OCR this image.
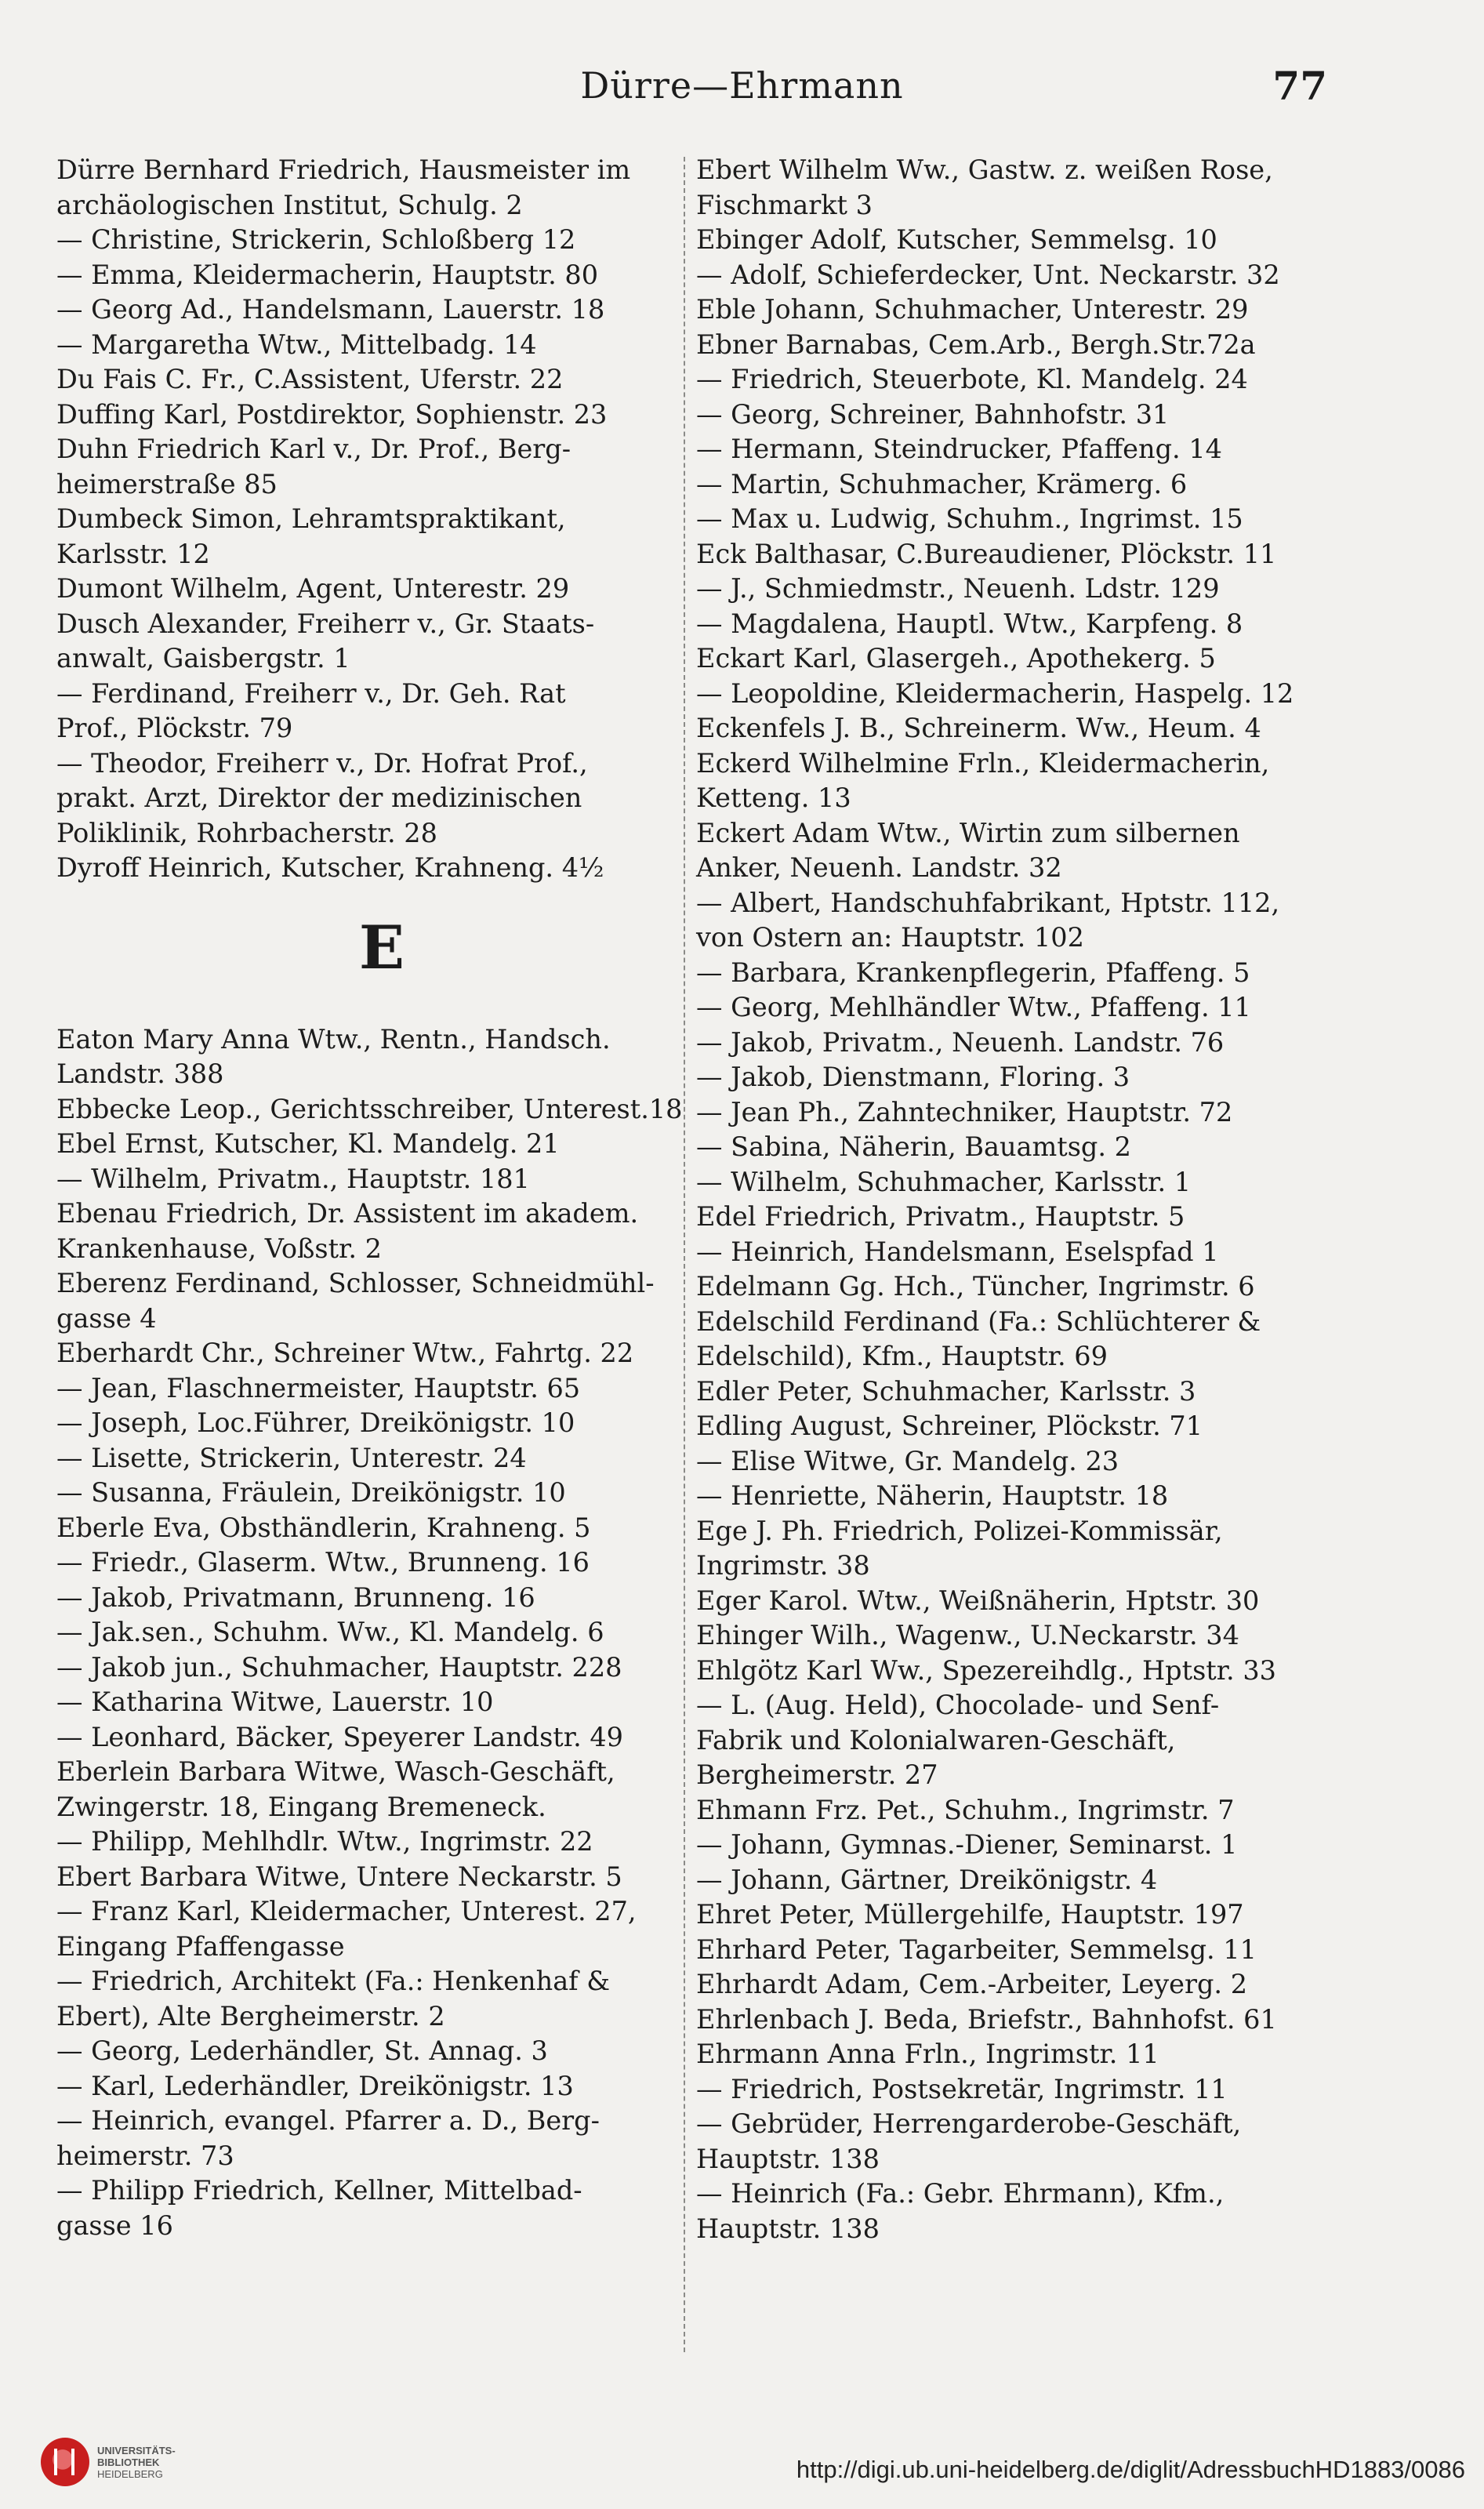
Dürre—Ehrmann	77

Dürre Bernhard Friedrich, Hausmeister im

archäologischen Institut, Schulg. 2

— Christine, Strickerin, Schloßberg 12

— Emma, Kleidermacherin, Hauptstr. 80

— Georg Ad., Handelsmann, Lauerstr. 18

— Margaretha Wtw., Mittelbadg. 14

Du Fais C. Fr., C.Assistent, Uferstr. 22

Duffing Karl, Postdirektor, Sophienstr. 23

Duhn Friedrich Karl v., Dr. Prof., Berg-

heimerstraße 85

Dumbeck Simon, Lehramtspraktikant,

Karlsstr. 12

Dumont Wilhelm, Agent, Unterestr. 29

Dusch Alexander, Freiherr v., Gr. Staats-

anwalt, Gaisbergstr. 1

— Ferdinand, Freiherr v., Dr. Geh. Rat

Prof., Plöckstr. 79

— Theodor, Freiherr v., Dr. Hofrat Prof.,

prakt. Arzt, Direktor der medizinischen

Poliklinik, Rohrbacherstr. 28

Dyroff Heinrich, Kutscher, Krahneng. 4½

E

Eaton Mary Anna Wtw., Rentn., Handsch.

Landstr. 388

Ebbecke Leop., Gerichtsschreiber, Unterest.18

Ebel Ernst, Kutscher, Kl. Mandelg. 21

— Wilhelm, Privatm., Hauptstr. 181

Ebenau Friedrich, Dr. Assistent im akadem.

Krankenhause, Voßstr. 2

Eberenz Ferdinand, Schlosser, Schneidmühl-

gasse 4

Eberhardt Chr., Schreiner Wtw., Fahrtg. 22

— Jean, Flaschnermeister, Hauptstr. 65

— Joseph, Loc.Führer, Dreikönigstr. 10

— Lisette, Strickerin, Unterestr. 24

— Susanna, Fräulein, Dreikönigstr. 10

Eberle Eva, Obsthändlerin, Krahneng. 5

— Friedr., Glaserm. Wtw., Brunneng. 16

— Jakob, Privatmann, Brunneng. 16

— Jak.sen., Schuhm. Ww., Kl. Mandelg. 6

— Jakob jun., Schuhmacher, Hauptstr. 228

— Katharina Witwe, Lauerstr. 10

— Leonhard, Bäcker, Speyerer Landstr. 49

Eberlein Barbara Witwe, Wasch-Geschäft,

Zwingerstr. 18, Eingang Bremeneck.

— Philipp, Mehlhdlr. Wtw., Ingrimstr. 22

Ebert Barbara Witwe, Untere Neckarstr. 5

— Franz Karl, Kleidermacher, Unterest. 27,

Eingang Pfaffengasse

— Friedrich, Architekt (Fa.: Henkenhaf &

Ebert), Alte Bergheimerstr. 2

— Georg, Lederhändler, St. Annag. 3

— Karl, Lederhändler, Dreikönigstr. 13

— Heinrich, evangel. Pfarrer a. D., Berg-

heimerstr. 73

— Philipp Friedrich, Kellner, Mittelbad-

gasse 16

Ebert Wilhelm Ww., Gastw. z. weißen Rose,

Fischmarkt 3

Ebinger Adolf, Kutscher, Semmelsg. 10

— Adolf, Schieferdecker, Unt. Neckarstr. 32

Eble Johann, Schuhmacher, Unterestr. 29

Ebner Barnabas, Cem.Arb., Bergh.Str.72a

— Friedrich, Steuerbote, Kl. Mandelg. 24

— Georg, Schreiner, Bahnhofstr. 31

— Hermann, Steindrucker, Pfaffeng. 14

— Martin, Schuhmacher, Krämerg. 6

— Max u. Ludwig, Schuhm., Ingrimst. 15

Eck Balthasar, C.Bureaudiener, Plöckstr. 11

— J., Schmiedmstr., Neuenh. Ldstr. 129

— Magdalena, Hauptl. Wtw., Karpfeng. 8

Eckart Karl, Glasergeh., Apothekerg. 5

— Leopoldine, Kleidermacherin, Haspelg. 12

Eckenfels J. B., Schreinerm. Ww., Heum. 4

Eckerd Wilhelmine Frln., Kleidermacherin,

Ketteng. 13

Eckert Adam Wtw., Wirtin zum silbernen

Anker, Neuenh. Landstr. 32

— Albert, Handschuhfabrikant, Hptstr. 112,

von Ostern an: Hauptstr. 102

— Barbara, Krankenpflegerin, Pfaffeng. 5

— Georg, Mehlhändler Wtw., Pfaffeng. 11

— Jakob, Privatm., Neuenh. Landstr. 76

— Jakob, Dienstmann, Floring. 3

— Jean Ph., Zahntechniker, Hauptstr. 72

— Sabina, Näherin, Bauamtsg. 2

— Wilhelm, Schuhmacher, Karlsstr. 1

Edel Friedrich, Privatm., Hauptstr. 5

— Heinrich, Handelsmann, Eselspfad 1

Edelmann Gg. Hch., Tüncher, Ingrimstr. 6

Edelschild Ferdinand (Fa.: Schlüchterer &

Edelschild), Kfm., Hauptstr. 69

Edler Peter, Schuhmacher, Karlsstr. 3

Edling August, Schreiner, Plöckstr. 71

— Elise Witwe, Gr. Mandelg. 23

— Henriette, Näherin, Hauptstr. 18

Ege J. Ph. Friedrich, Polizei-Kommissär,

Ingrimstr. 38

Eger Karol. Wtw., Weißnäherin, Hptstr. 30

Ehinger Wilh., Wagenw., U.Neckarstr. 34

Ehlgötz Karl Ww., Spezereihdlg., Hptstr. 33

— L. (Aug. Held), Chocolade- und Senf-

Fabrik und Kolonialwaren-Geschäft,

Bergheimerstr. 27

Ehmann Frz. Pet., Schuhm., Ingrimstr. 7

— Johann, Gymnas.-Diener, Seminarst. 1

— Johann, Gärtner, Dreikönigstr. 4

Ehret Peter, Müllergehilfe, Hauptstr. 197

Ehrhard Peter, Tagarbeiter, Semmelsg. 11

Ehrhardt Adam, Cem.-Arbeiter, Leyerg. 2

Ehrlenbach J. Beda, Briefstr., Bahnhofst. 61

Ehrmann Anna Frln., Ingrimstr. 11

— Friedrich, Postsekretär, Ingrimstr. 11

— Gebrüder, Herrengarderobe-Geschäft,

Hauptstr. 138

— Heinrich (Fa.: Gebr. Ehrmann), Kfm.,

Hauptstr. 138

UNIVERSITÄTS-
BIBLIOTHEK
HEIDELBERG	http://digi.ub.uni-heidelberg.de/diglit/AdressbuchHD1883/0086
